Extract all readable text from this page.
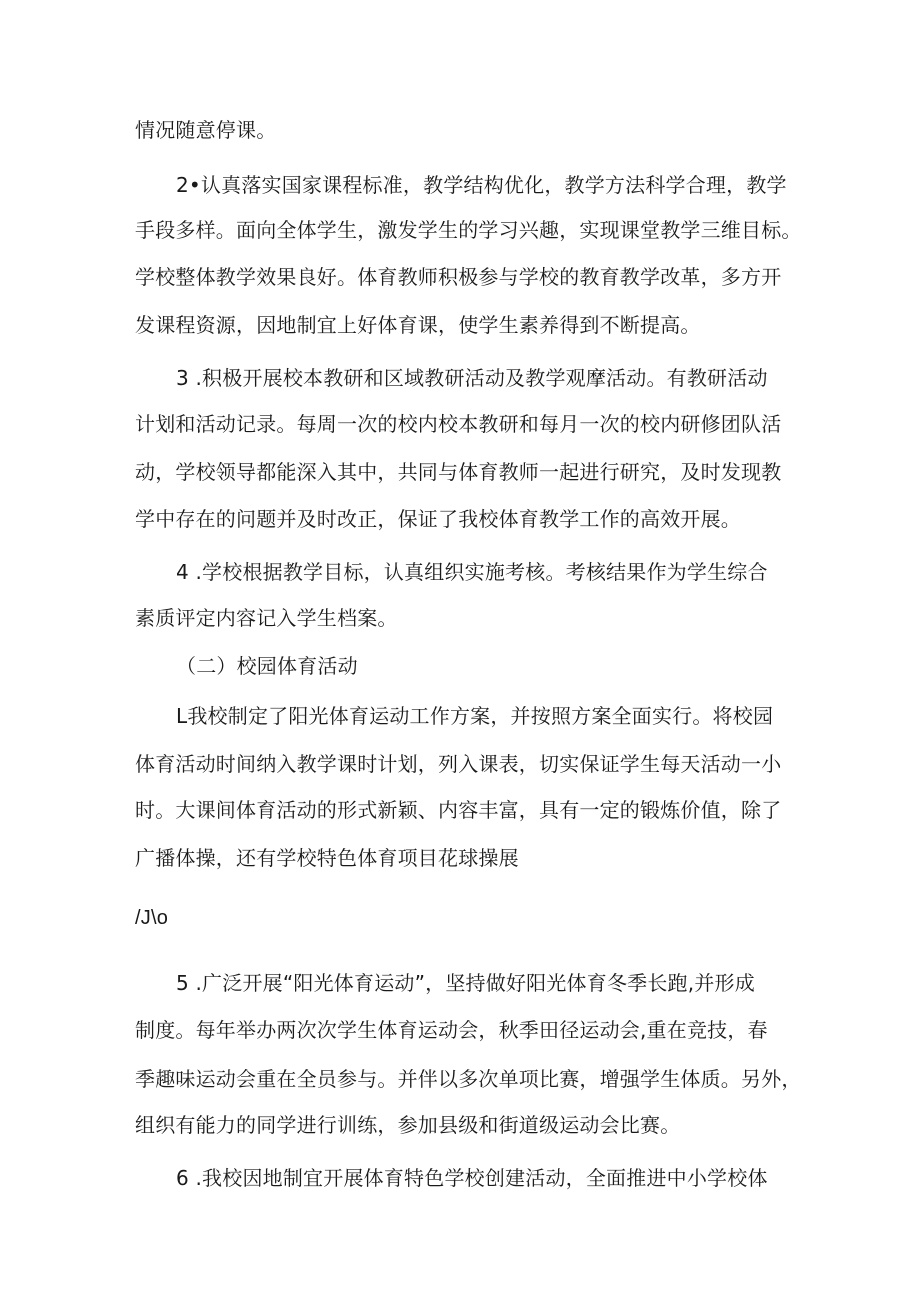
情况随意停课。
2•认真落实国家课程标准，教学结构优化，教学方法科学合理，教学
手段多样。面向全体学生，激发学生的学习兴趣，实现课堂教学三维目标。
学校整体教学效果良好。体育教师积极参与学校的教育教学改革，多方开
发课程资源，因地制宜上好体育课，使学生素养得到不断提高。
3 .积极开展校本教研和区域教研活动及教学观摩活动。有教研活动
计划和活动记录。每周一次的校内校本教研和每月一次的校内研修团队活
动，学校领导都能深入其中，共同与体育教师一起进行研究，及时发现教
学中存在的问题并及时改正，保证了我校体育教学工作的高效开展。
4 .学校根据教学目标，认真组织实施考核。考核结果作为学生综合
素质评定内容记入学生档案。
（二）校园体育活动
L我校制定了阳光体育运动工作方案，并按照方案全面实行。将校园
体育活动时间纳入教学课时计划，列入课表，切实保证学生每天活动一小
时。大课间体育活动的形式新颖、内容丰富，具有一定的锻炼价值，除了
广播体操，还有学校特色体育项目花球操展
/J\o
5 .广泛开展“阳光体育运动”，坚持做好阳光体育冬季长跑,并形成
制度。每年举办两次次学生体育运动会，秋季田径运动会,重在竞技，春
季趣味运动会重在全员参与。并伴以多次单项比赛，增强学生体质。另外，
组织有能力的同学进行训练，参加县级和街道级运动会比赛。
6 .我校因地制宜开展体育特色学校创建活动，全面推进中小学校体
